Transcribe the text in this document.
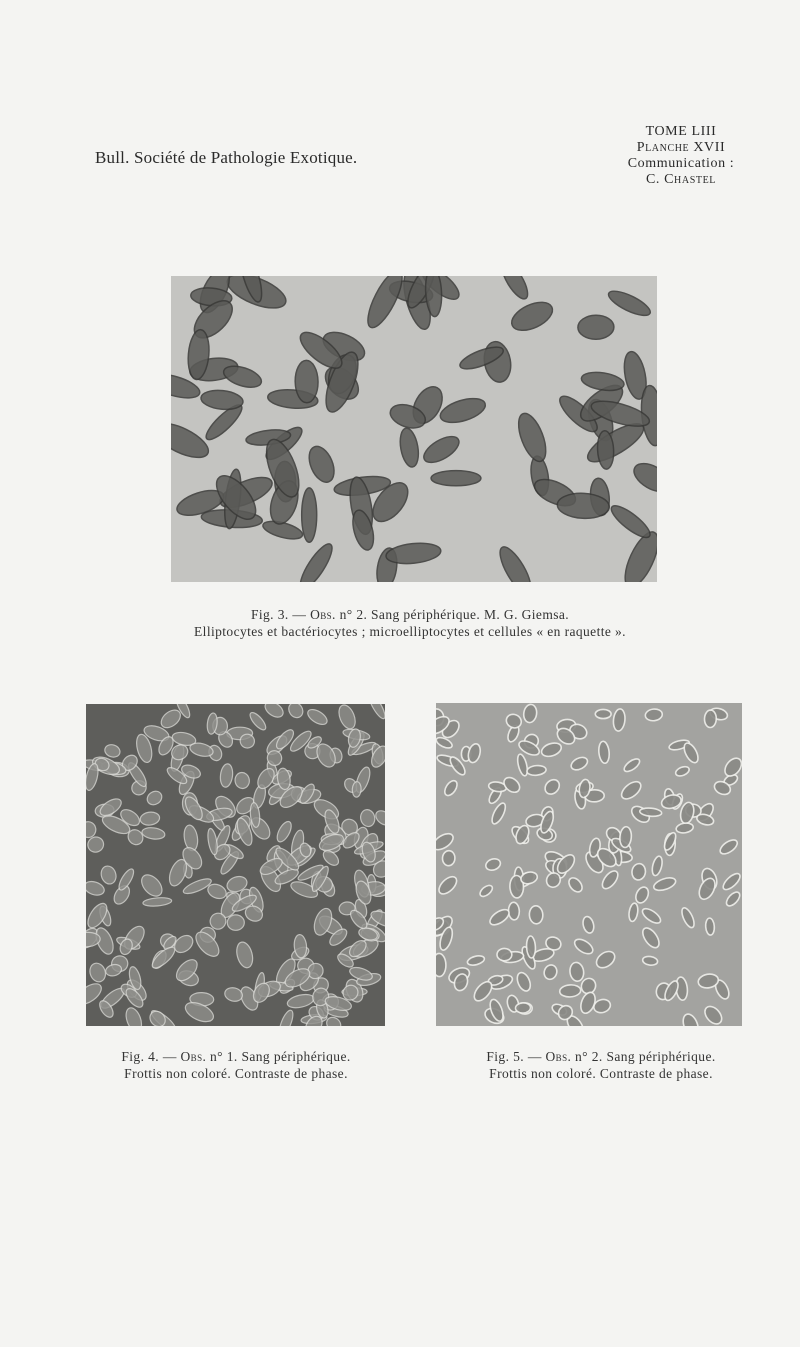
Bull. Société de Pathologie Exotique.
TOME LIII
Planche XVII
Communication :
C. Chastel
Fig. 3. — Obs. n° 2. Sang périphérique. M. G. Giemsa.
Elliptocytes et bactériocytes ; microelliptocytes et cellules « en raquette ».
Fig. 4. — Obs. n° 1. Sang périphérique.
Frottis non coloré. Contraste de phase.
Fig. 5. — Obs. n° 2. Sang périphérique.
Frottis non coloré. Contraste de phase.
